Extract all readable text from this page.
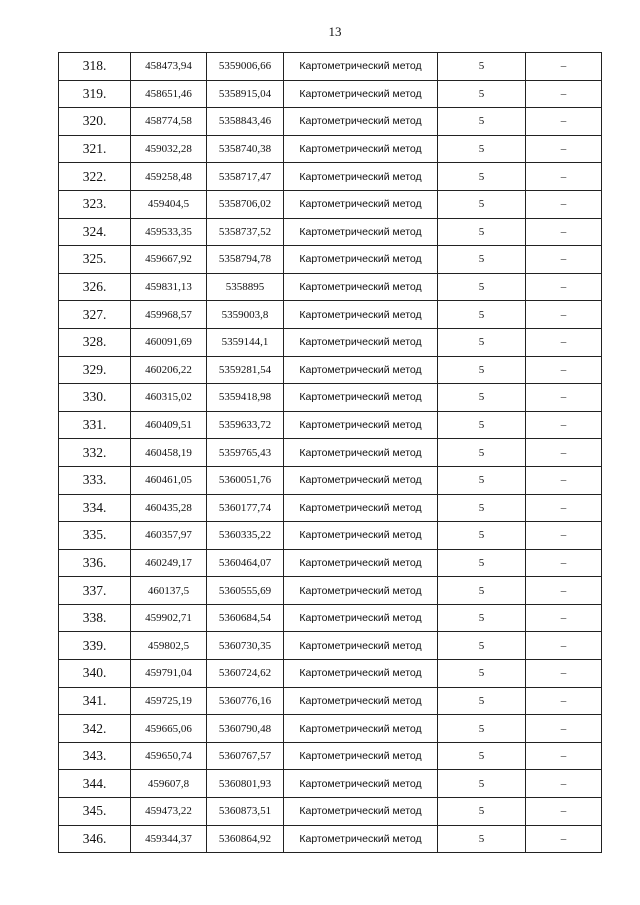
13
318.	458473,94	5359006,66	Картометрический метод	5	–
319.	458651,46	5358915,04	Картометрический метод	5	–
320.	458774,58	5358843,46	Картометрический метод	5	–
321.	459032,28	5358740,38	Картометрический метод	5	–
322.	459258,48	5358717,47	Картометрический метод	5	–
323.	459404,5	5358706,02	Картометрический метод	5	–
324.	459533,35	5358737,52	Картометрический метод	5	–
325.	459667,92	5358794,78	Картометрический метод	5	–
326.	459831,13	5358895	Картометрический метод	5	–
327.	459968,57	5359003,8	Картометрический метод	5	–
328.	460091,69	5359144,1	Картометрический метод	5	–
329.	460206,22	5359281,54	Картометрический метод	5	–
330.	460315,02	5359418,98	Картометрический метод	5	–
331.	460409,51	5359633,72	Картометрический метод	5	–
332.	460458,19	5359765,43	Картометрический метод	5	–
333.	460461,05	5360051,76	Картометрический метод	5	–
334.	460435,28	5360177,74	Картометрический метод	5	–
335.	460357,97	5360335,22	Картометрический метод	5	–
336.	460249,17	5360464,07	Картометрический метод	5	–
337.	460137,5	5360555,69	Картометрический метод	5	–
338.	459902,71	5360684,54	Картометрический метод	5	–
339.	459802,5	5360730,35	Картометрический метод	5	–
340.	459791,04	5360724,62	Картометрический метод	5	–
341.	459725,19	5360776,16	Картометрический метод	5	–
342.	459665,06	5360790,48	Картометрический метод	5	–
343.	459650,74	5360767,57	Картометрический метод	5	–
344.	459607,8	5360801,93	Картометрический метод	5	–
345.	459473,22	5360873,51	Картометрический метод	5	–
346.	459344,37	5360864,92	Картометрический метод	5	–
